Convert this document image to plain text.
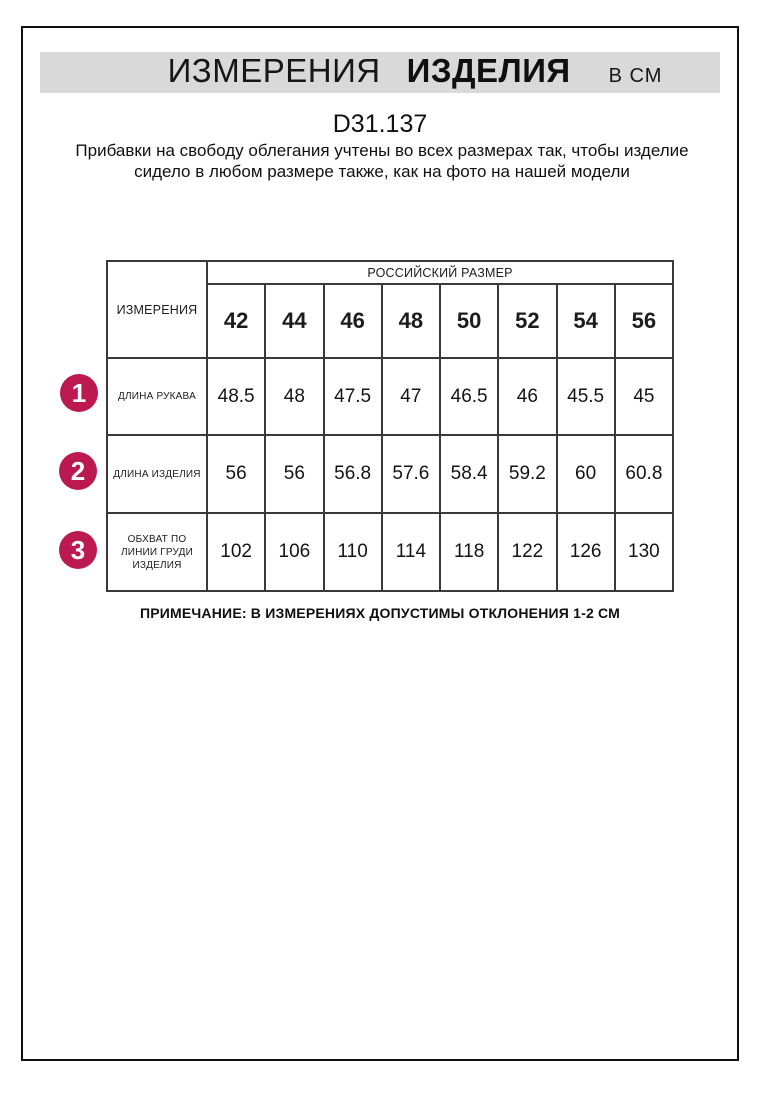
ИЗМЕРЕНИЯ ИЗДЕЛИЯ В СМ
D31.137
Прибавки на свободу облегания учтены во всех размерах так, чтобы изделие сидело в любом размере также, как на фото на нашей модели
ИЗМЕРЕНИЯ	РОССИЙСКИЙ РАЗМЕР							
	42	44	46	48	50	52	54	56
ДЛИНА РУКАВА	48.5	48	47.5	47	46.5	46	45.5	45
ДЛИНА ИЗДЕЛИЯ	56	56	56.8	57.6	58.4	59.2	60	60.8
ОБХВАТ ПО ЛИНИИ ГРУДИ ИЗДЕЛИЯ	102	106	110	114	118	122	126	130
1
2
3
ПРИМЕЧАНИЕ: В ИЗМЕРЕНИЯХ ДОПУСТИМЫ ОТКЛОНЕНИЯ 1-2 СМ
